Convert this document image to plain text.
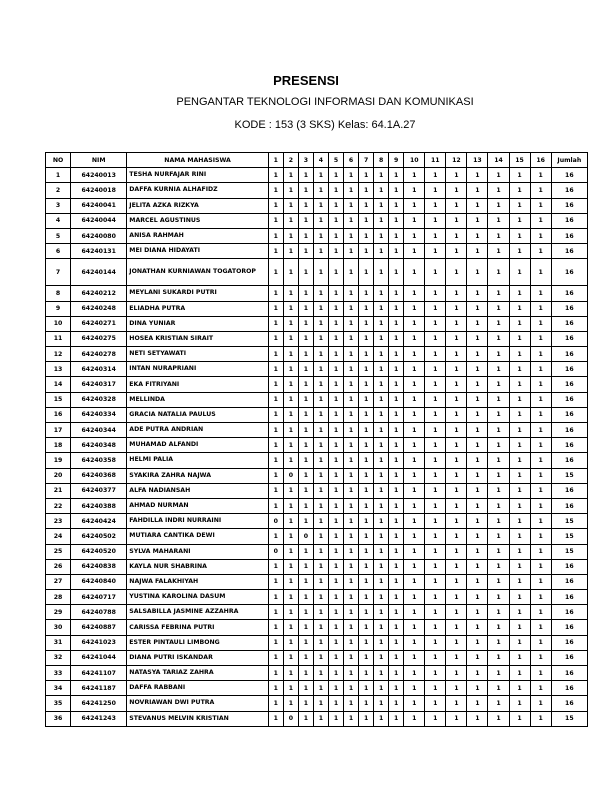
PRESENSI
PENGANTAR TEKNOLOGI INFORMASI DAN KOMUNIKASI
KODE : 153 (3 SKS) Kelas: 64.1A.27
NO	NIM	NAMA MAHASISWA	1	2	3	4	5	6	7	8	9	10	11	12	13	14	15	16	Jumlah
1	64240013	TESHA NURFAJAR RINI	1	1	1	1	1	1	1	1	1	1	1	1	1	1	1	1	16
2	64240018	DAFFA KURNIA ALHAFIDZ	1	1	1	1	1	1	1	1	1	1	1	1	1	1	1	1	16
3	64240041	JELITA AZKA RIZKYA	1	1	1	1	1	1	1	1	1	1	1	1	1	1	1	1	16
4	64240044	MARCEL AGUSTINUS	1	1	1	1	1	1	1	1	1	1	1	1	1	1	1	1	16
5	64240080	ANISA RAHMAH	1	1	1	1	1	1	1	1	1	1	1	1	1	1	1	1	16
6	64240131	MEI DIANA HIDAYATI	1	1	1	1	1	1	1	1	1	1	1	1	1	1	1	1	16
7	64240144	JONATHAN KURNIAWAN TOGATOROP	1	1	1	1	1	1	1	1	1	1	1	1	1	1	1	1	16
8	64240212	MEYLANI SUKARDI PUTRI	1	1	1	1	1	1	1	1	1	1	1	1	1	1	1	1	16
9	64240248	ELIADHA PUTRA	1	1	1	1	1	1	1	1	1	1	1	1	1	1	1	1	16
10	64240271	DINA YUNIAR	1	1	1	1	1	1	1	1	1	1	1	1	1	1	1	1	16
11	64240275	HOSEA KRISTIAN SIRAIT	1	1	1	1	1	1	1	1	1	1	1	1	1	1	1	1	16
12	64240278	NETI SETYAWATI	1	1	1	1	1	1	1	1	1	1	1	1	1	1	1	1	16
13	64240314	INTAN NURAPRIANI	1	1	1	1	1	1	1	1	1	1	1	1	1	1	1	1	16
14	64240317	EKA FITRIYANI	1	1	1	1	1	1	1	1	1	1	1	1	1	1	1	1	16
15	64240328	MELLINDA	1	1	1	1	1	1	1	1	1	1	1	1	1	1	1	1	16
16	64240334	GRACIA NATALIA PAULUS	1	1	1	1	1	1	1	1	1	1	1	1	1	1	1	1	16
17	64240344	ADE PUTRA ANDRIAN	1	1	1	1	1	1	1	1	1	1	1	1	1	1	1	1	16
18	64240348	MUHAMAD ALFANDI	1	1	1	1	1	1	1	1	1	1	1	1	1	1	1	1	16
19	64240358	HELMI PALIA	1	1	1	1	1	1	1	1	1	1	1	1	1	1	1	1	16
20	64240368	SYAKIRA ZAHRA NAJWA	1	0	1	1	1	1	1	1	1	1	1	1	1	1	1	1	15
21	64240377	ALFA NADIANSAH	1	1	1	1	1	1	1	1	1	1	1	1	1	1	1	1	16
22	64240388	AHMAD NURMAN	1	1	1	1	1	1	1	1	1	1	1	1	1	1	1	1	16
23	64240424	FAHDILLA INDRI NURRAINI	0	1	1	1	1	1	1	1	1	1	1	1	1	1	1	1	15
24	64240502	MUTIARA CANTIKA DEWI	1	1	0	1	1	1	1	1	1	1	1	1	1	1	1	1	15
25	64240520	SYLVA MAHARANI	0	1	1	1	1	1	1	1	1	1	1	1	1	1	1	1	15
26	64240838	KAYLA NUR SHABRINA	1	1	1	1	1	1	1	1	1	1	1	1	1	1	1	1	16
27	64240840	NAJWA FALAKHIYAH	1	1	1	1	1	1	1	1	1	1	1	1	1	1	1	1	16
28	64240717	YUSTINA KAROLINA DASUM	1	1	1	1	1	1	1	1	1	1	1	1	1	1	1	1	16
29	64240788	SALSABILLA JASMINE AZZAHRA	1	1	1	1	1	1	1	1	1	1	1	1	1	1	1	1	16
30	64240887	CARISSA FEBRINA PUTRI	1	1	1	1	1	1	1	1	1	1	1	1	1	1	1	1	16
31	64241023	ESTER PINTAULI LIMBONG	1	1	1	1	1	1	1	1	1	1	1	1	1	1	1	1	16
32	64241044	DIANA PUTRI ISKANDAR	1	1	1	1	1	1	1	1	1	1	1	1	1	1	1	1	16
33	64241107	NATASYA TARIAZ ZAHRA	1	1	1	1	1	1	1	1	1	1	1	1	1	1	1	1	16
34	64241187	DAFFA RABBANI	1	1	1	1	1	1	1	1	1	1	1	1	1	1	1	1	16
35	64241250	NOVRIAWAN DWI PUTRA	1	1	1	1	1	1	1	1	1	1	1	1	1	1	1	1	16
36	64241243	STEVANUS MELVIN KRISTIAN	1	0	1	1	1	1	1	1	1	1	1	1	1	1	1	1	15
